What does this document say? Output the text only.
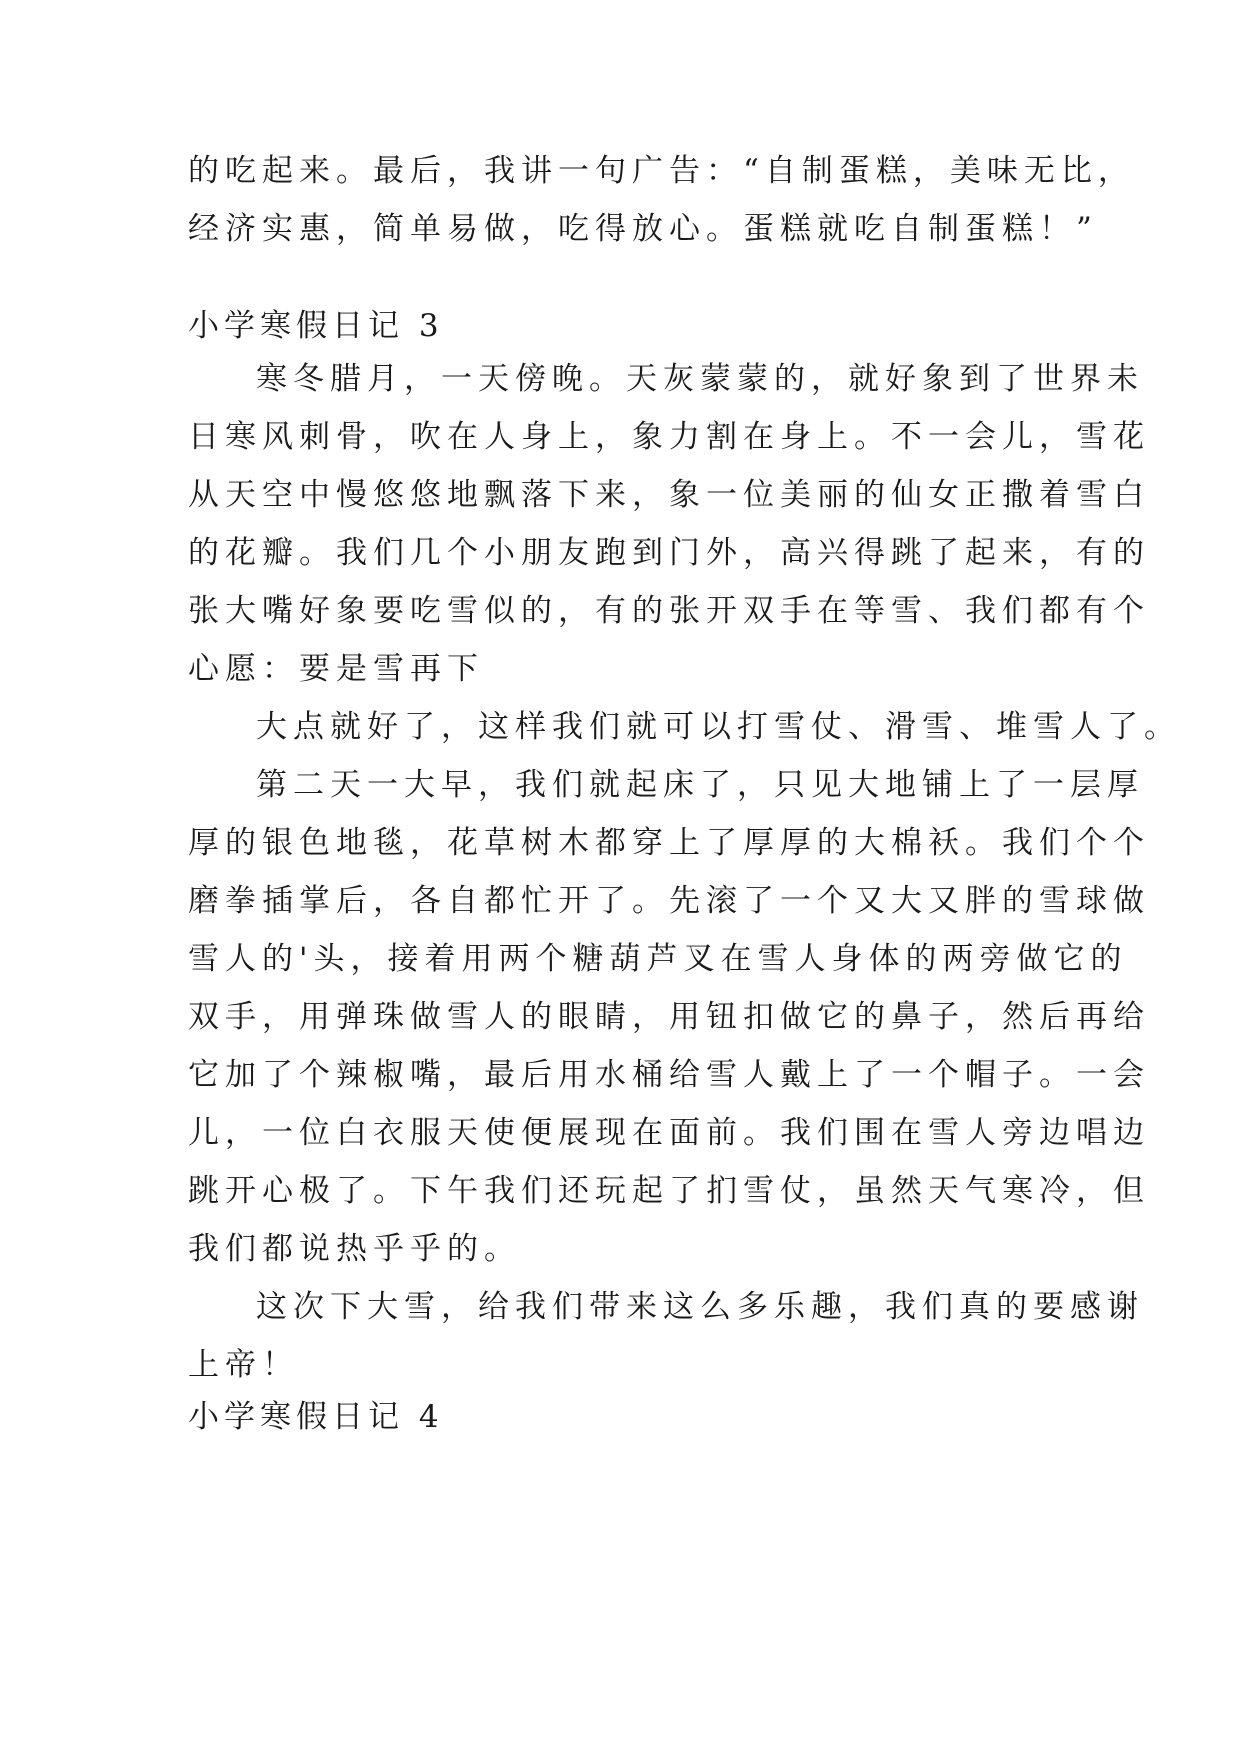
的吃起来。最后，我讲一句广告：“自制蛋糕，美味无比，
经济实惠，简单易做，吃得放心。蛋糕就吃自制蛋糕！”
小学寒假日记 3
寒冬腊月，一天傍晚。天灰蒙蒙的，就好象到了世界未
日寒风刺骨，吹在人身上，象力割在身上。不一会儿，雪花
从天空中慢悠悠地飘落下来，象一位美丽的仙女正撒着雪白
的花瓣。我们几个小朋友跑到门外，高兴得跳了起来，有的
张大嘴好象要吃雪似的，有的张开双手在等雪、我们都有个
心愿：要是雪再下
大点就好了，这样我们就可以打雪仗、滑雪、堆雪人了。
第二天一大早，我们就起床了，只见大地铺上了一层厚
厚的银色地毯，花草树木都穿上了厚厚的大棉袄。我们个个
磨拳插掌后，各自都忙开了。先滚了一个又大又胖的雪球做
雪人的'头，接着用两个糖葫芦叉在雪人身体的两旁做它的
双手，用弹珠做雪人的眼睛，用钮扣做它的鼻子，然后再给
它加了个辣椒嘴，最后用水桶给雪人戴上了一个帽子。一会
儿，一位白衣服天使便展现在面前。我们围在雪人旁边唱边
跳开心极了。下午我们还玩起了扪雪仗，虽然天气寒冷，但
我们都说热乎乎的。
这次下大雪，给我们带来这么多乐趣，我们真的要感谢
上帝！
小学寒假日记 4
